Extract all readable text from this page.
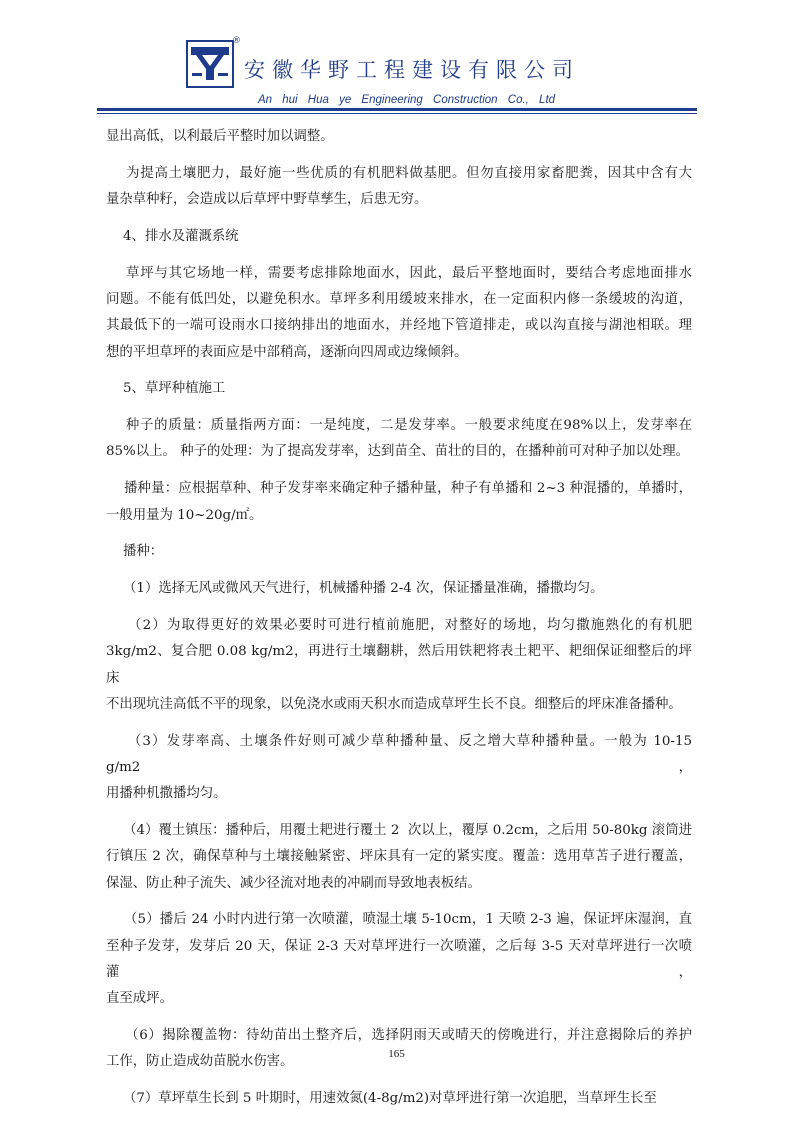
®
安徽华野工程建设有限公司
An hui Hua ye Engineering Construction Co., Ltd

显出高低，以利最后平整时加以调整。

为提高土壤肥力，最好施一些优质的有机肥料做基肥。但勿直接用家畜肥粪，因其中含有大

量杂草种籽，会造成以后草坪中野草孳生，后患无穷。

4、排水及灌溉系统

草坪与其它场地一样，需要考虑排除地面水，因此，最后平整地面时，要结合考虑地面排水

问题。不能有低凹处，以避免积水。草坪多利用缓坡来排水，在一定面积内修一条缓坡的沟道，

其最低下的一端可设雨水口接纳排出的地面水，并经地下管道排走，或以沟直接与湖池相联。理

想的平坦草坪的表面应是中部稍高，逐渐向四周或边缘倾斜。

5、草坪种植施工

种子的质量：质量指两方面：一是纯度，二是发芽率。一般要求纯度在98%以上，发芽率在

85%以上。 种子的处理：为了提高发芽率，达到苗全、苗壮的目的，在播种前可对种子加以处理。

播种量：应根据草种、种子发芽率来确定种子播种量，种子有单播和 2~3 种混播的，单播时，

一般用量为 10~20g/㎡。

播种：

（1）选择无风或微风天气进行，机械播种播 2-4 次，保证播量准确，播撒均匀。

（2）为取得更好的效果必要时可进行植前施肥，对整好的场地，均匀撒施熟化的有机肥

3kg/m2、复合肥 0.08 kg/m2，再进行土壤翻耕，然后用铁耙将表土耙平、耙细保证细整后的坪床

不出现坑洼高低不平的现象，以免浇水或雨天积水而造成草坪生长不良。细整后的坪床准备播种。

（3）发芽率高、土壤条件好则可减少草种播种量、反之增大草种播种量。一般为 10-15 g/m2，

用播种机撒播均匀。

（4）覆土镇压：播种后，用覆土耙进行覆土 2  次以上，覆厚 0.2cm，之后用 50-80kg 滚筒进

行镇压 2 次，确保草种与土壤接触紧密、坪床具有一定的紧实度。覆盖：选用草苫子进行覆盖，

保湿、防止种子流失、减少径流对地表的冲刷而导致地表板结。

（5）播后 24 小时内进行第一次喷灌，喷湿土壤 5-10cm，1 天喷 2-3 遍，保证坪床湿润，直

至种子发芽，发芽后 20 天，保证 2-3 天对草坪进行一次喷灌，之后每 3-5 天对草坪进行一次喷灌，

直至成坪。

（6）揭除覆盖物：待幼苗出土整齐后，选择阴雨天或晴天的傍晚进行，并注意揭除后的养护

工作，防止造成幼苗脱水伤害。

（7）草坪草生长到 5 叶期时，用速效氮(4-8g/m2)对草坪进行第一次追肥，当草坪生长至

165
